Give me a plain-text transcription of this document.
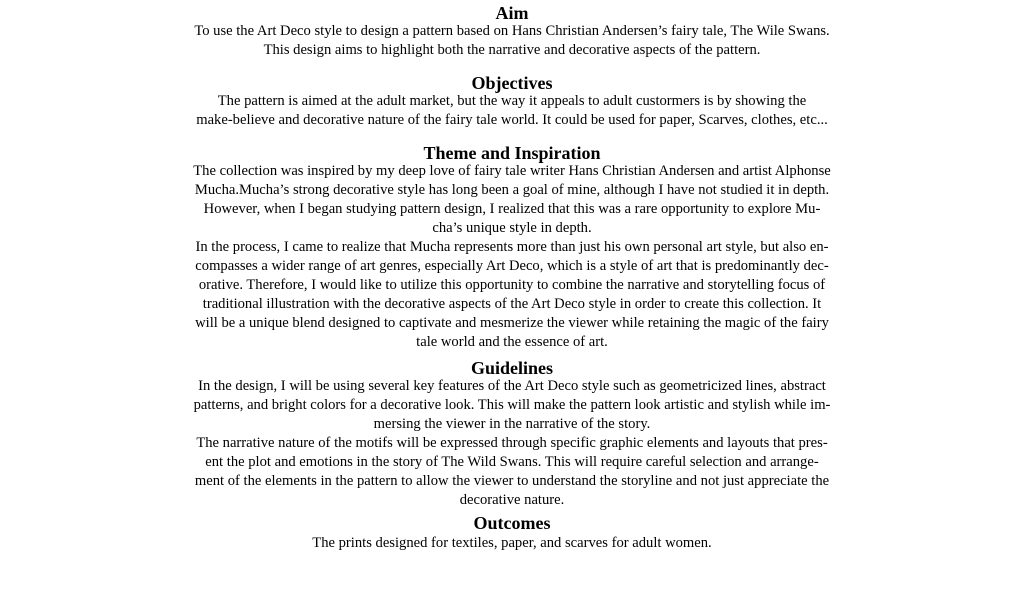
Aim
To use the Art Deco style to design a pattern based on Hans Christian Andersen’s fairy tale, The Wile Swans.
This design aims to highlight both the narrative and decorative aspects of the pattern.
Objectives
The pattern is aimed at the adult market, but the way it appeals to adult custormers is by showing the
make-believe and decorative nature of the fairy tale world. It could be used for paper, Scarves, clothes, etc...
Theme and Inspiration
The collection was inspired by my deep love of fairy tale writer Hans Christian Andersen and artist Alphonse
Mucha.Mucha’s strong decorative style has long been a goal of mine, although I have not studied it in depth.
However, when I began studying pattern design, I realized that this was a rare opportunity to explore Mu-
cha’s unique style in depth.
In the process, I came to realize that Mucha represents more than just his own personal art style, but also en-
compasses a wider range of art genres, especially Art Deco, which is a style of art that is predominantly dec-
orative. Therefore, I would like to utilize this opportunity to combine the narrative and storytelling focus of
traditional illustration with the decorative aspects of the Art Deco style in order to create this collection. It
will be a unique blend designed to captivate and mesmerize the viewer while retaining the magic of the fairy
tale world and the essence of art.
Guidelines
In the design, I will be using several key features of the Art Deco style such as geometricized lines, abstract
patterns, and bright colors for a decorative look. This will make the pattern look artistic and stylish while im-
mersing the viewer in the narrative of the story.
The narrative nature of the motifs will be expressed through specific graphic elements and layouts that pres-
ent the plot and emotions in the story of The Wild Swans. This will require careful selection and arrange-
ment of the elements in the pattern to allow the viewer to understand the storyline and not just appreciate the
decorative nature.
Outcomes
The prints designed for textiles, paper, and scarves for adult women.
